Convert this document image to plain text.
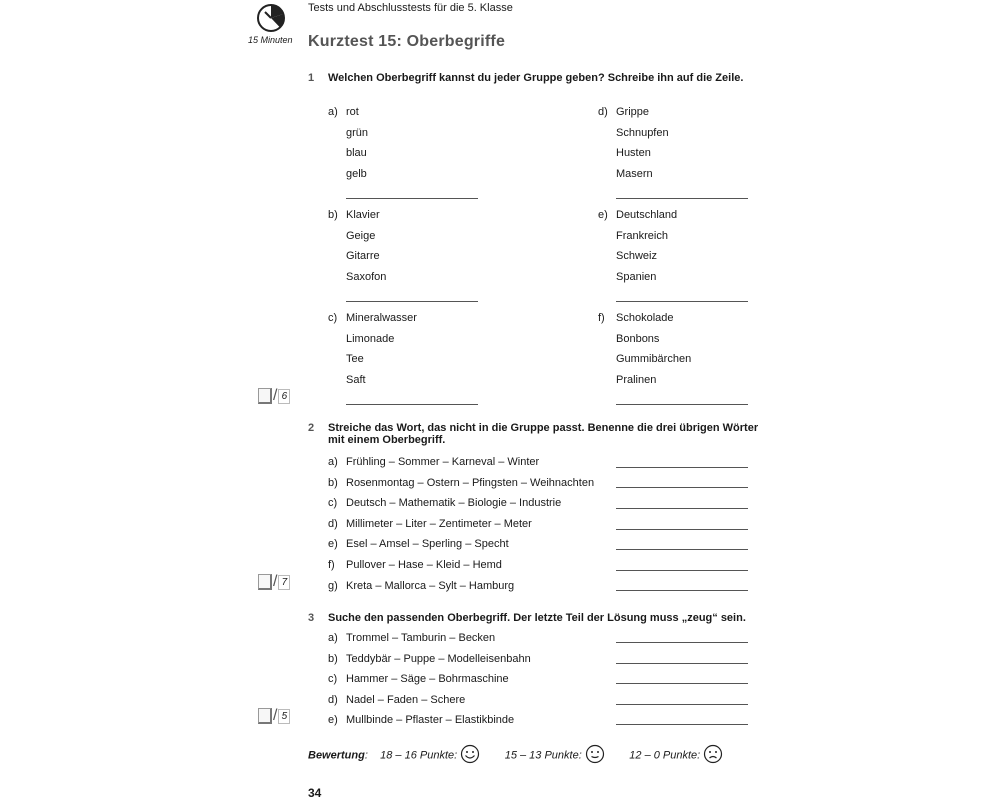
15 Minuten
Tests und Abschlusstests für die 5. Klasse
Kurztest 15: Oberbegriffe
1 Welchen Oberbegriff kannst du jeder Gruppe geben? Schreibe ihn auf die Zeile.
a) rot
grün
blau
gelb
d) Grippe
Schnupfen
Husten
Masern
b) Klavier
Geige
Gitarre
Saxofon
e) Deutschland
Frankreich
Schweiz
Spanien
c) Mineralwasser
Limonade
Tee
Saft
f) Schokolade
Bonbons
Gummibärchen
Pralinen
/ 6
2 Streiche das Wort, das nicht in die Gruppe passt. Benenne die drei übrigen Wörter mit einem Oberbegriff.
a) Frühling – Sommer – Karneval – Winter
b) Rosenmontag – Ostern – Pfingsten – Weihnachten
c) Deutsch – Mathematik – Biologie – Industrie
d) Millimeter – Liter – Zentimeter – Meter
e) Esel – Amsel – Sperling – Specht
f) Pullover – Hase – Kleid – Hemd
g) Kreta – Mallorca – Sylt – Hamburg
/ 7
3 Suche den passenden Oberbegriff. Der letzte Teil der Lösung muss „zeug“ sein.
a) Trommel – Tamburin – Becken
b) Teddybär – Puppe – Modelleisenbahn
c) Hammer – Säge – Bohrmaschine
d) Nadel – Faden – Schere
e) Mullbinde – Pflaster – Elastikbinde
/ 5
Bewertung:    18 – 16 Punkte:	15 – 13 Punkte:	12 – 0 Punkte:
34
